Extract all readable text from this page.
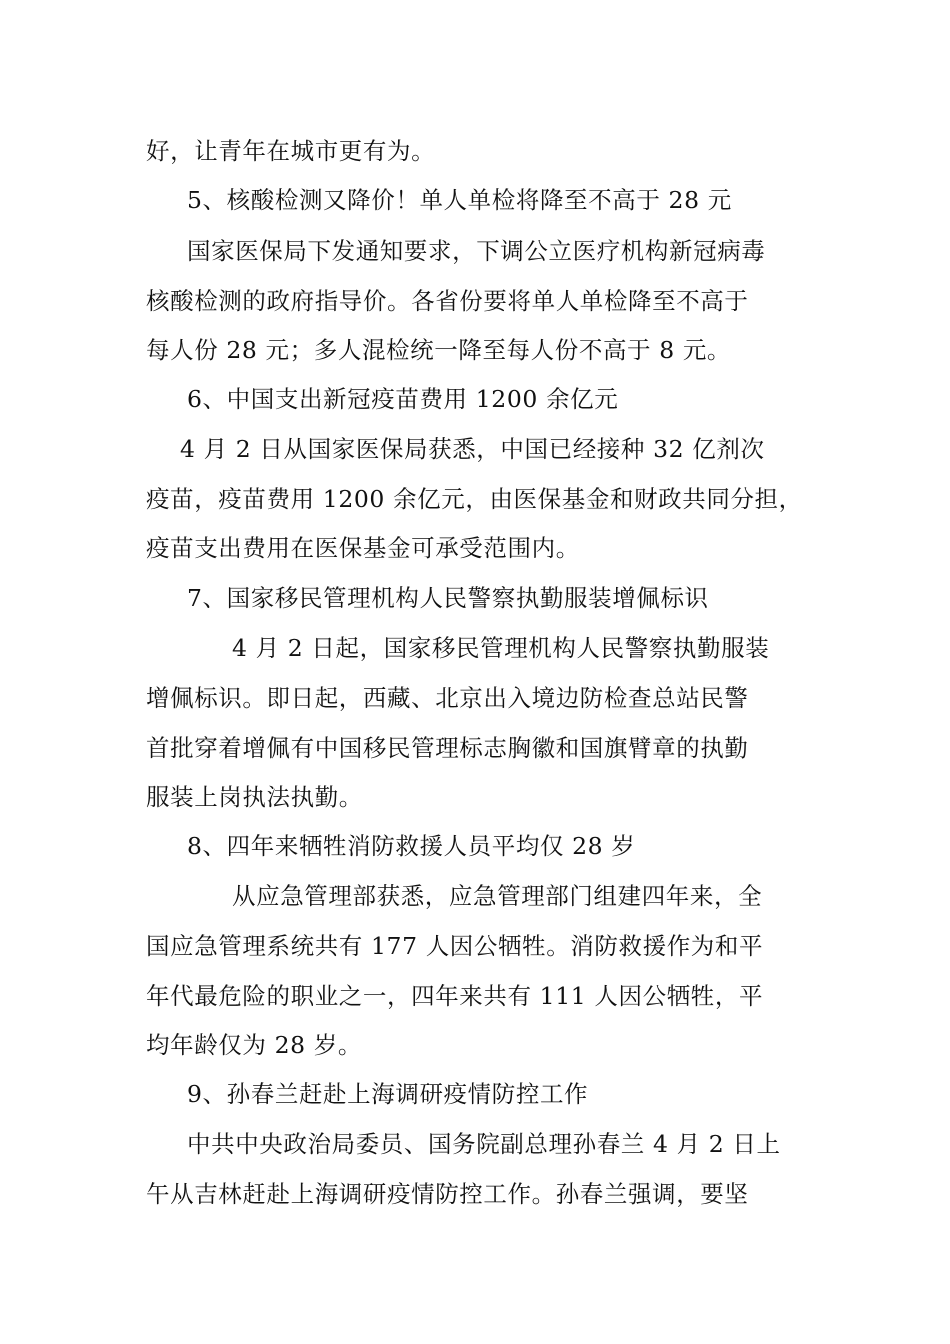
好，让青年在城市更有为。
5、核酸检测又降价！单人单检将降至不高于 28 元
国家医保局下发通知要求，下调公立医疗机构新冠病毒
核酸检测的政府指导价。各省份要将单人单检降至不高于
每人份 28 元；多人混检统一降至每人份不高于 8 元。
6、中国支出新冠疫苗费用 1200 余亿元
4 月 2 日从国家医保局获悉，中国已经接种 32 亿剂次
疫苗，疫苗费用 1200 余亿元，由医保基金和财政共同分担，
疫苗支出费用在医保基金可承受范围内。
7、国家移民管理机构人民警察执勤服装增佩标识
4 月 2 日起，国家移民管理机构人民警察执勤服装
增佩标识。即日起，西藏、北京出入境边防检查总站民警
首批穿着增佩有中国移民管理标志胸徽和国旗臂章的执勤
服装上岗执法执勤。
8、四年来牺牲消防救援人员平均仅 28 岁
从应急管理部获悉，应急管理部门组建四年来，全
国应急管理系统共有 177 人因公牺牲。消防救援作为和平
年代最危险的职业之一，四年来共有 111 人因公牺牲，平
均年龄仅为 28 岁。
9、孙春兰赶赴上海调研疫情防控工作
中共中央政治局委员、国务院副总理孙春兰 4 月 2 日上
午从吉林赶赴上海调研疫情防控工作。孙春兰强调，要坚
